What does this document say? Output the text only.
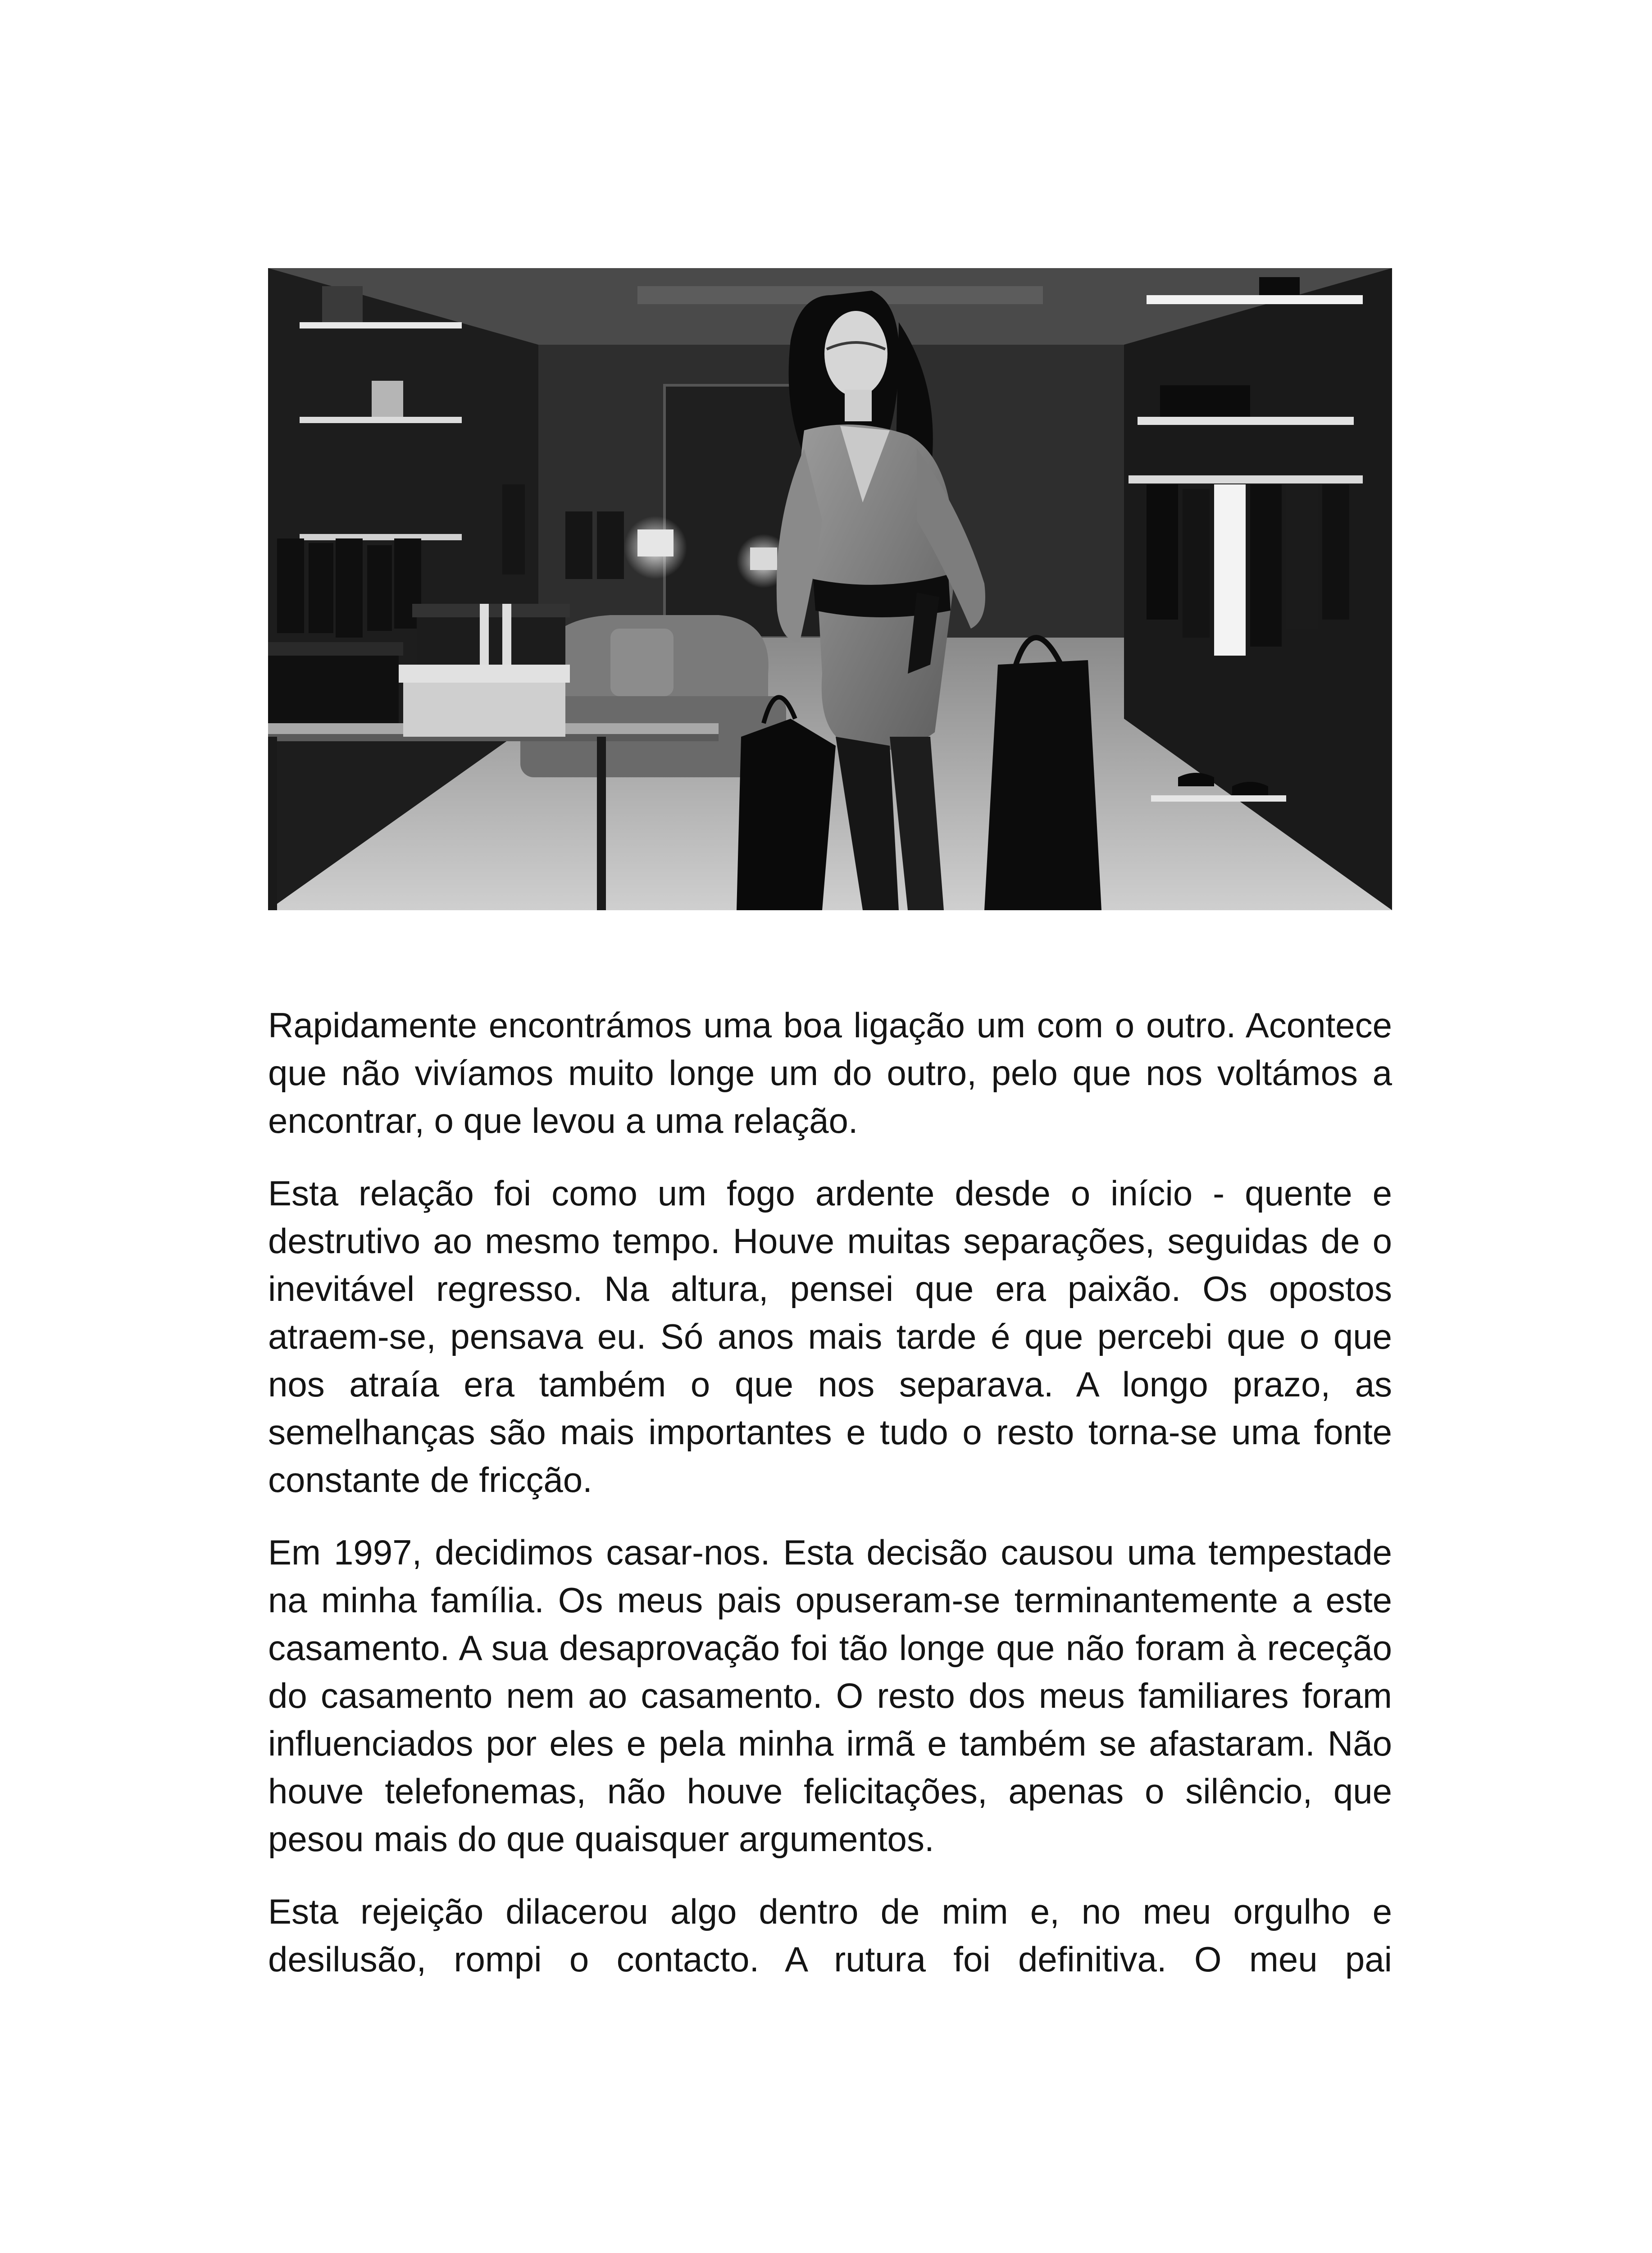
Rapidamente encontrámos uma boa ligação um com o outro. Acontece que não vivíamos muito longe um do outro, pelo que nos voltámos a encontrar, o que levou a uma relação.

Esta relação foi como um fogo ardente desde o início - quente e destrutivo ao mesmo tempo. Houve muitas separações, seguidas de o inevitável regresso. Na altura, pensei que era paixão. Os opostos atraem-se, pensava eu. Só anos mais tarde é que percebi que o que nos atraía era também o que nos separava. A longo prazo, as semelhanças são mais importantes e tudo o resto torna-se uma fonte constante de fricção.

Em 1997, decidimos casar-nos. Esta decisão causou uma tempestade na minha família. Os meus pais opuseram-se terminantemente a este casamento. A sua desaprovação foi tão longe que não foram à receção do casamento nem ao casamento. O resto dos meus familiares foram influenciados por eles e pela minha irmã e também se afastaram. Não houve telefonemas, não houve felicitações, apenas o silêncio, que pesou mais do que quaisquer argumentos.

Esta rejeição dilacerou algo dentro de mim e, no meu orgulho e desilusão, rompi o contacto. A rutura foi definitiva. O meu pai
